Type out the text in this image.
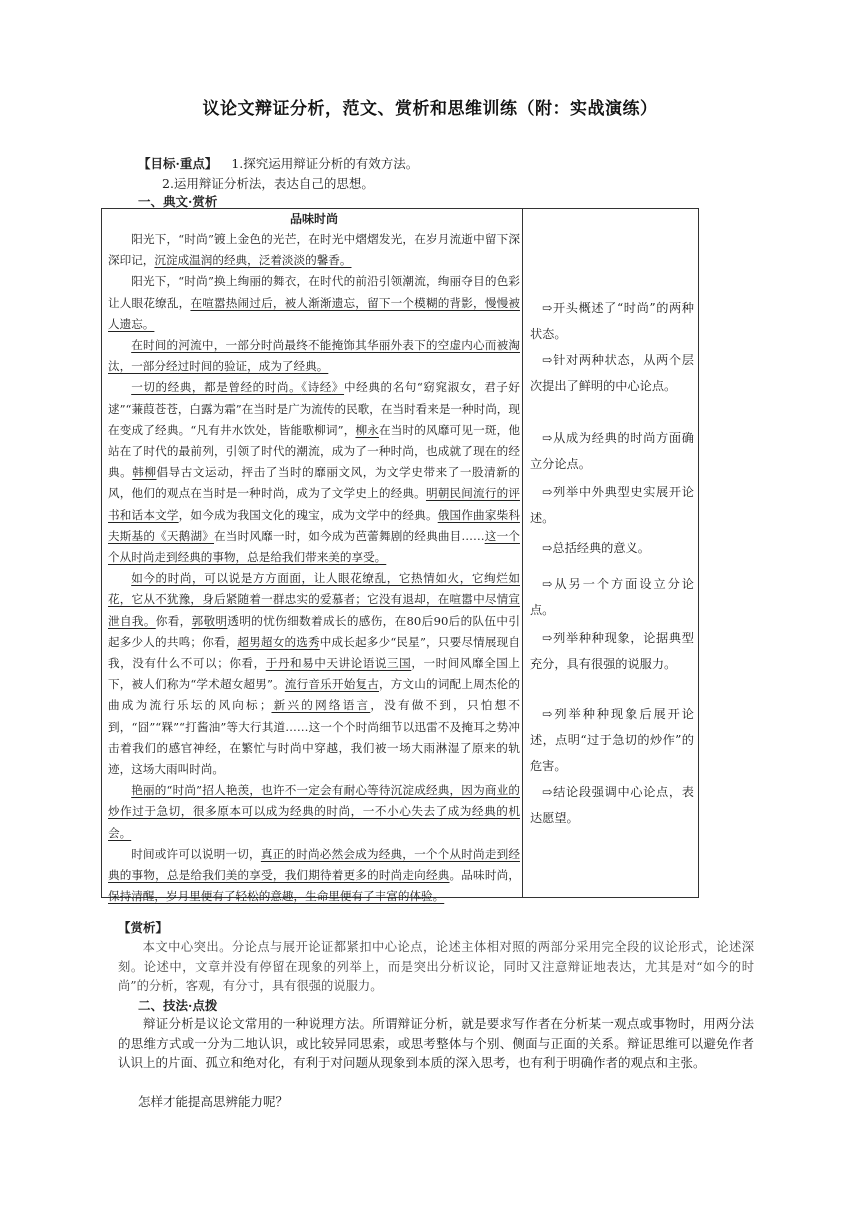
议论文辩证分析，范文、赏析和思维训练（附：实战演练）
【目标·重点】 1.探究运用辩证分析的有效方法。
2.运用辩证分析法，表达自己的思想。
一、典文·赏析
品味时尚

阳光下，“时尚”镀上金色的光芒，在时光中熠熠发光，在岁月流逝中留下深深印记，沉淀成温润的经典，泛着淡淡的馨香。

阳光下，“时尚”换上绚丽的舞衣，在时代的前沿引领潮流，绚丽夺目的色彩让人眼花缭乱，在喧嚣热闹过后，被人渐渐遗忘，留下一个模糊的背影，慢慢被人遗忘。

在时间的河流中，一部分时尚最终不能掩饰其华丽外表下的空虚内心而被淘汰，一部分经过时间的验证，成为了经典。

一切的经典，都是曾经的时尚。《诗经》中经典的名句“窈窕淑女，君子好逑”“蒹葭苍苍，白露为霜”在当时是广为流传的民歌，在当时看来是一种时尚，现在变成了经典。“凡有井水饮处，皆能歌柳词”，柳永在当时的风靡可见一斑，他站在了时代的最前列，引领了时代的潮流，成为了一种时尚，也成就了现在的经典。韩柳倡导古文运动，抨击了当时的靡丽文风，为文学史带来了一股清新的风，他们的观点在当时是一种时尚，成为了文学史上的经典。明朝民间流行的评书和话本文学，如今成为我国文化的瑰宝，成为文学中的经典。俄国作曲家柴科夫斯基的《天鹅湖》在当时风靡一时，如今成为芭蕾舞剧的经典曲目……这一个个从时尚走到经典的事物，总是给我们带来美的享受。

如今的时尚，可以说是方方面面，让人眼花缭乱，它热情如火，它绚烂如花，它从不犹豫，身后紧随着一群忠实的爱慕者；它没有退却，在喧嚣中尽情宣泄自我。你看，郭敬明透明的忧伤细数着成长的感伤，在80后90后的队伍中引起多少人的共鸣；你看，超男超女的选秀中成长起多少“民星”，只要尽情展现自我，没有什么不可以；你看，于丹和易中天讲论语说三国，一时间风靡全国上下，被人们称为“学术超女超男”。流行音乐开始复古，方文山的词配上周杰伦的曲成为流行乐坛的风向标；新兴的网络语言，没有做不到，只怕想不到，“囧”“槑”“打酱油”等大行其道……这一个个时尚细节以迅雷不及掩耳之势冲击着我们的感官神经，在繁忙与时尚中穿越，我们被一场大雨淋湿了原来的轨迹，这场大雨叫时尚。

艳丽的“时尚”招人艳羡，也许不一定会有耐心等待沉淀成经典，因为商业的炒作过于急切，很多原本可以成为经典的时尚，一不小心失去了成为经典的机会。

时间或许可以说明一切，真正的时尚必然会成为经典，一个个从时尚走到经典的事物，总是给我们美的享受，我们期待着更多的时尚走向经典。品味时尚，保持清醒，岁月里便有了轻松的意趣，生命里便有了丰富的体验。

⇨开头概述了“时尚”的两种状态。
⇨针对两种状态，从两个层次提出了鲜明的中心论点。
⇨从成为经典的时尚方面确立分论点。
⇨列举中外典型史实展开论述。
⇨总括经典的意义。
⇨从另一个方面设立分论点。
⇨列举种种现象，论据典型充分，具有很强的说服力。
⇨列举种种现象后展开论述，点明“过于急切的炒作”的危害。
⇨结论段强调中心论点，表达愿望。
【赏析】
本文中心突出。分论点与展开论证都紧扣中心论点，论述主体相对照的两部分采用完全段的议论形式，论述深刻。论述中，文章并没有停留在现象的列举上，而是突出分析议论，同时又注意辩证地表达，尤其是对“如今的时尚”的分析，客观，有分寸，具有很强的说服力。
二、技法·点拨
辩证分析是议论文常用的一种说理方法。所谓辩证分析，就是要求写作者在分析某一观点或事物时，用两分法的思维方式或一分为二地认识，或比较异同思索，或思考整体与个别、侧面与正面的关系。辩证思维可以避免作者认识上的片面、孤立和绝对化，有利于对问题从现象到本质的深入思考，也有利于明确作者的观点和主张。
怎样才能提高思辨能力呢？
